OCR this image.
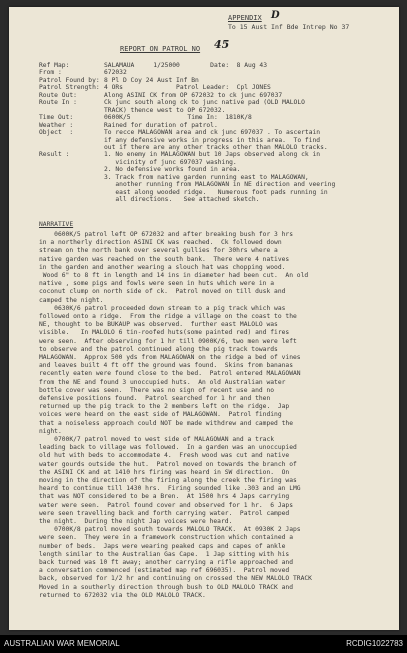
APPENDIX D
To 15 Aust Inf Bde Intrep No 37
REPORT ON PATROL NO 45
Ref Map:	SALAMAUA     1/25000        Date:  8 Aug 43
From :	672032
Patrol Found by: 8 Pl D Coy 24 Aust Inf Bn
Patrol Strength: 4 ORs              Patrol Leader:  Cpl JONES
Route Out:	Along ASINI CK from OP 672032 to ck junc 697037
Route In :	Ck junc south along ck to junc native pad (OLD MALOLO
TRACK) thence west to OP 672032.
Time Out:	0600K/5               Time In:  1810K/8
Weather :	Rained for duration of patrol.
Object  :	To recce MALAGOWAN area and ck junc 697037 . To ascertain
if any defensive works in progress in this area.  To find
out if there are any other tracks other than MALOLO tracks.
Result :	1. No enemy in MALAGOWAN but 10 Japs observed along ck in
vicinity of junc 697037 washing.
2. No defensive works found in area.
3. Track from native garden running east to MALAGOWAN,
another running from MALAGOWAN in NE direction and veering
east along wooded ridge.   Numerous foot pads running in
all directions.   See attached sketch.
NARRATIVE
0600K/5 patrol left OP 672032 and after breaking bush for 3 hrs
in a northerly direction ASINI CK was reached.  Ck followed down
stream on the north bank over several gullies for 30hrs where a
native garden was reached on the south bank.  There were 4 natives
in the garden and another wearing a slouch hat was chopping wood.
Wood 6" to 8 ft in length and 14 ins in diameter had been cut.  An old
native , some pigs and fowls were seen in huts which were in a
coconut clump on north side of ck.  Patrol moved on till dusk and
camped the night.
0630K/6 patrol proceeded down stream to a pig track which was
followed onto a ridge.  From the ridge a village on the coast to the
NE, thought to be BUKAUP was observed.  further east MALOLO was
visible.   In MALOLO 6 tin-roofed huts(some painted red) and fires
were seen.  After observing for 1 hr till 0900K/6, two men were left
to observe and the patrol continued along the pig track towards
MALAGOWAN.  Approx 500 yds from MALAGOWAN on the ridge a bed of vines
and leaves built 4 ft off the ground was found.  Skins from bananas
recently eaten were found close to the bed.  Patrol entered MALAGOWAN
from the NE and found 3 unoccupied huts.  An old Australian water
bottle cover was seen.  There was no sign of recent use and no
defensive positions found.  Patrol searched for 1 hr and then
returned up the pig track to the 2 members left on the ridge.  Jap
voices were heard on the east side of MALAGOWAN.  Patrol finding
that a noiseless approach could NOT be made withdrew and camped the
night.
0700K/7 patrol moved to west side of MALAGOWAN and a track
leading back to village was followed.  In a garden was an unoccupied
old hut with beds to accommodate 4.  Fresh wood was cut and native
water gourds outside the hut.  Patrol moved on towards the branch of
the ASINI CK and at 1410 hrs firing was heard in SW direction.  On
moving in the direction of the firing along the creek the firing was
heard to continue till 1430 hrs.  Firing sounded like .303 and an LMG
that was NOT considered to be a Bren.  At 1500 hrs 4 Japs carrying
water were seen.  Patrol found cover and observed for 1 hr.  6 Japs
were seen travelling back and forth carrying water.  Patrol camped
the night.  During the night Jap voices were heard.
0700K/8 patrol moved south towards MALOLO TRACK.  At 0930K 2 Japs
were seen.  They were in a framework construction which contained a
number of beds.  Japs were wearing peaked caps and capes of ankle
length similar to the Australian Gas Cape.  1 Jap sitting with his
back turned was 10 ft away; another carrying a rifle approached and
a conversation commenced (estimated map ref 696035).  Patrol moved
back, observed for 1/2 hr and continuing on crossed the NEW MALOLO TRACK
Moved in a southerly direction through bush to OLD MALOLO TRACK and
returned to 672032 via the OLD MALOLO TRACK.
AUSTRALIAN WAR MEMORIAL	RCDIG1022783
